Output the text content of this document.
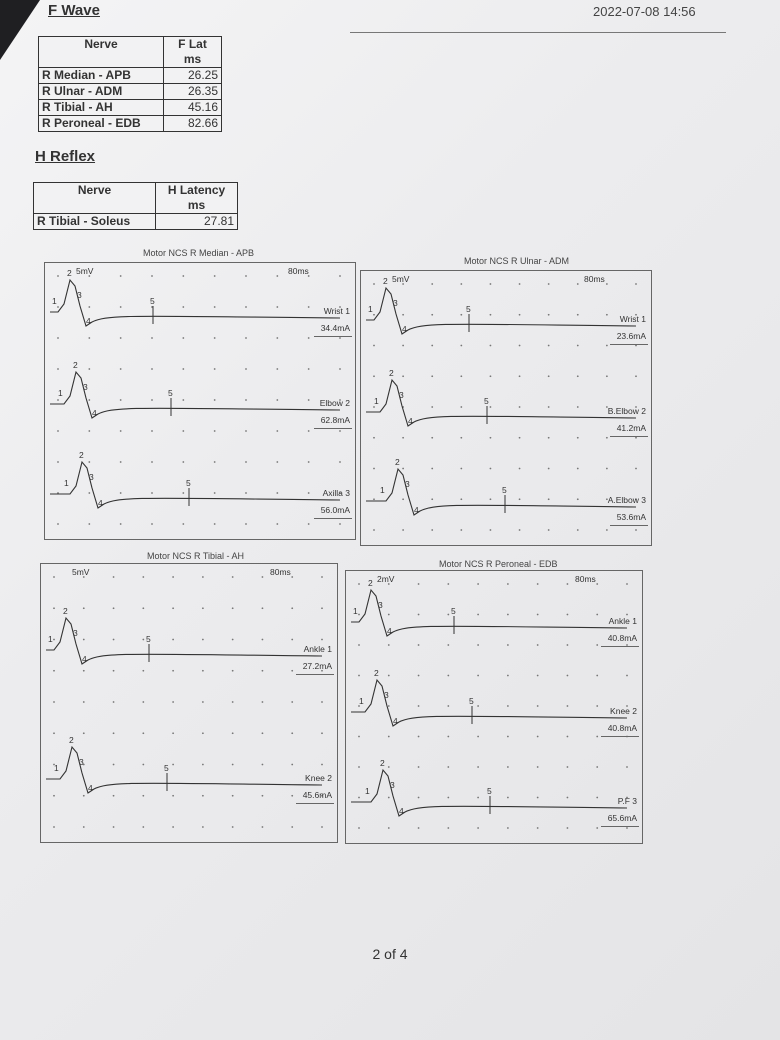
F Wave	2022-07-08 14:56
Nerve	F Lat
ms
R Median - APB	26.25
R Ulnar - ADM	26.35
R Tibial - AH	45.16
R Peroneal - EDB	82.66
H Reflex
Nerve	H Latency
ms
R Tibial - Soleus	27.81
Motor NCS R Median - APB
5mV	80ms
1
2
3
4
5
Wrist 1
34.4mA
1
2
3
4
5
Elbow 2
62.8mA
1
2
3
4
5
Axilla 3
56.0mA
Motor NCS R Ulnar - ADM
5mV	80ms
1
2
3
4
5
Wrist 1
23.6mA
1
2
3
4
5
B.Elbow 2
41.2mA
1
2
3
4
5
A.Elbow 3
53.6mA
Motor NCS R Tibial - AH
5mV	80ms
1
2
3
4
5
Ankle 1
27.2mA
1
2
3
4
5
Knee 2
45.6mA
Motor NCS R Peroneal - EDB
2mV	80ms
1
2
3
4
5
Ankle 1
40.8mA
1
2
3
4
5
Knee 2
40.8mA
1
2
3
4
5
P.F 3
65.6mA
2 of 4
